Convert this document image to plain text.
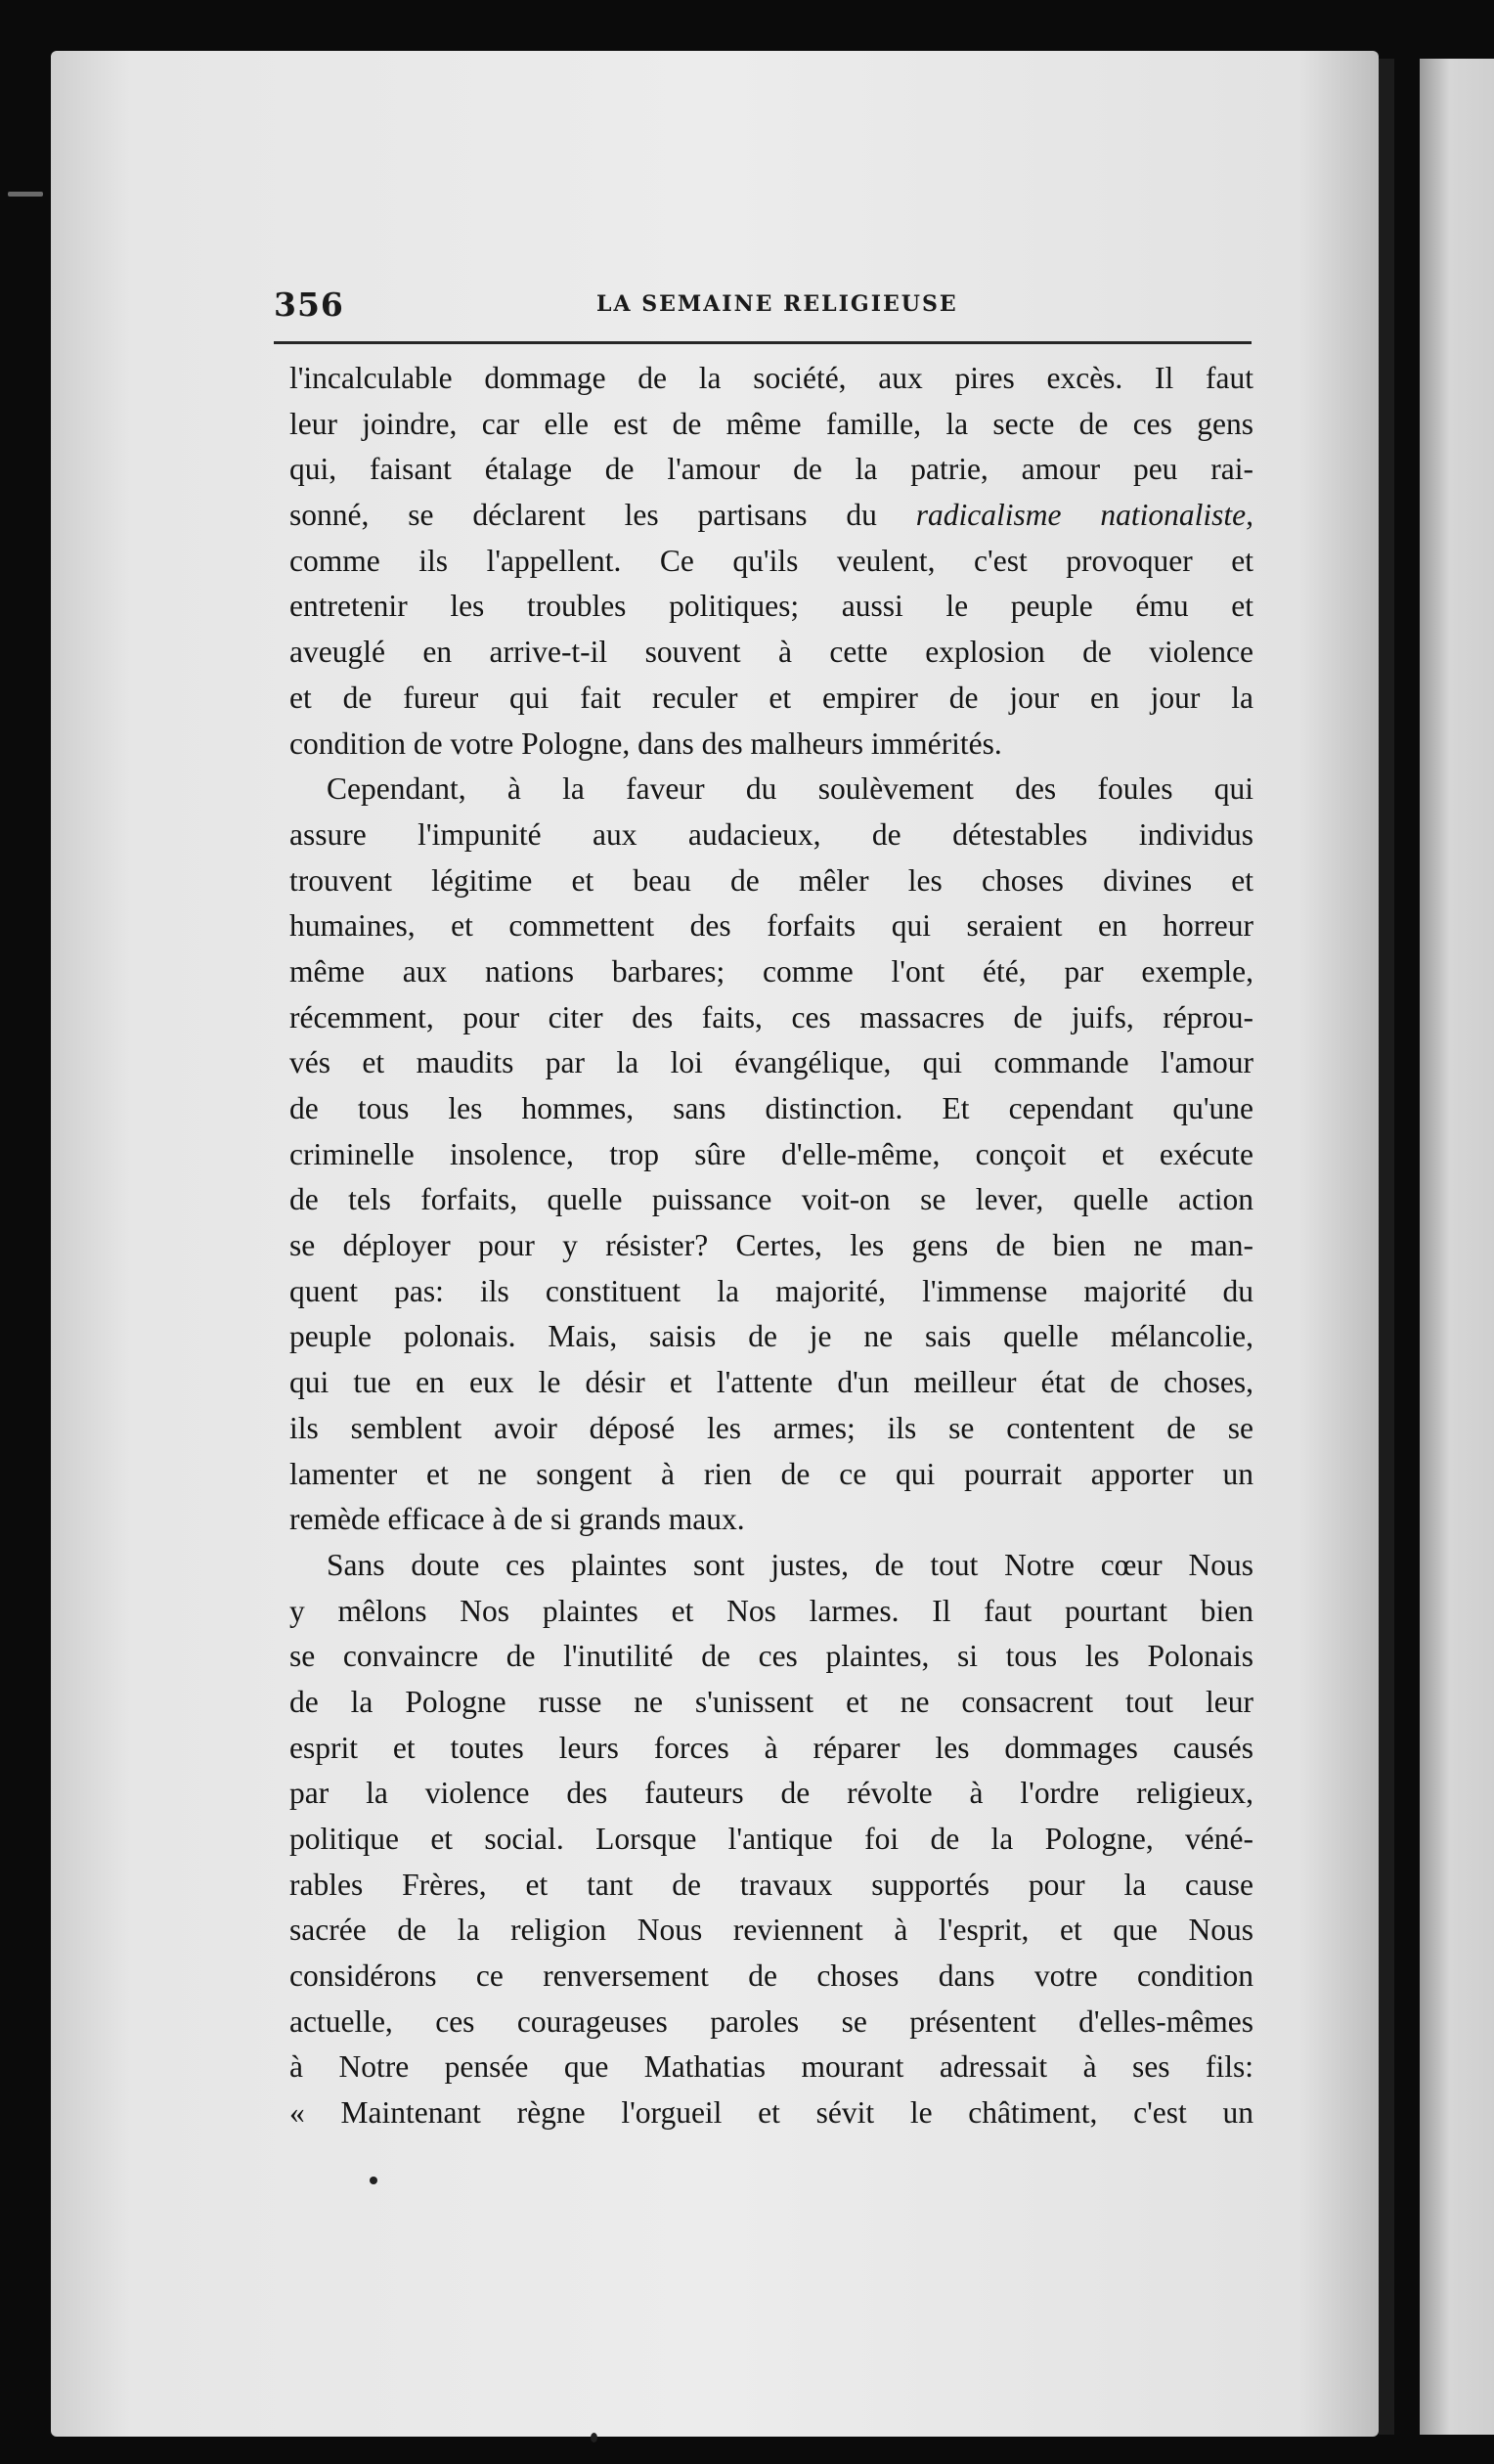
356	LA SEMAINE RELIGIEUSE
l'incalculable dommage de la société, aux pires excès. Il faut
leur joindre, car elle est de même famille, la secte de ces gens
qui, faisant étalage de l'amour de la patrie, amour peu rai-
sonné, se déclarent les partisans du radicalisme nationaliste,
comme ils l'appellent. Ce qu'ils veulent, c'est provoquer et
entretenir les troubles politiques; aussi le peuple ému et
aveuglé en arrive-t-il souvent à cette explosion de violence
et de fureur qui fait reculer et empirer de jour en jour la
condition de votre Pologne, dans des malheurs immérités.
Cependant, à la faveur du soulèvement des foules qui
assure l'impunité aux audacieux, de détestables individus
trouvent légitime et beau de mêler les choses divines et
humaines, et commettent des forfaits qui seraient en horreur
même aux nations barbares; comme l'ont été, par exemple,
récemment, pour citer des faits, ces massacres de juifs, réprou-
vés et maudits par la loi évangélique, qui commande l'amour
de tous les hommes, sans distinction. Et cependant qu'une
criminelle insolence, trop sûre d'elle-même, conçoit et exécute
de tels forfaits, quelle puissance voit-on se lever, quelle action
se déployer pour y résister? Certes, les gens de bien ne man-
quent pas: ils constituent la majorité, l'immense majorité du
peuple polonais. Mais, saisis de je ne sais quelle mélancolie,
qui tue en eux le désir et l'attente d'un meilleur état de choses,
ils semblent avoir déposé les armes; ils se contentent de se
lamenter et ne songent à rien de ce qui pourrait apporter un
remède efficace à de si grands maux.
Sans doute ces plaintes sont justes, de tout Notre cœur Nous
y mêlons Nos plaintes et Nos larmes. Il faut pourtant bien
se convaincre de l'inutilité de ces plaintes, si tous les Polonais
de la Pologne russe ne s'unissent et ne consacrent tout leur
esprit et toutes leurs forces à réparer les dommages causés
par la violence des fauteurs de révolte à l'ordre religieux,
politique et social. Lorsque l'antique foi de la Pologne, véné-
rables Frères, et tant de travaux supportés pour la cause
sacrée de la religion Nous reviennent à l'esprit, et que Nous
considérons ce renversement de choses dans votre condition
actuelle, ces courageuses paroles se présentent d'elles-mêmes
à Notre pensée que Mathatias mourant adressait à ses fils:
« Maintenant règne l'orgueil et sévit le châtiment, c'est un
